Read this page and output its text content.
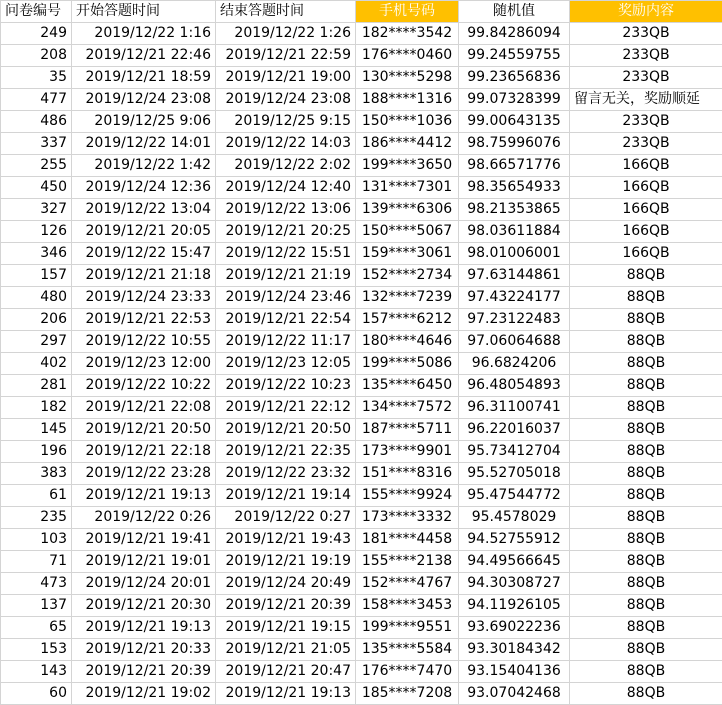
问卷编号	开始答题时间	结束答题时间	手机号码	随机值	奖励内容
249	2019/12/22 1:16	2019/12/22 1:26	182****3542	99.84286094	233QB
208	2019/12/21 22:46	2019/12/21 22:59	176****0460	99.24559755	233QB
35	2019/12/21 18:59	2019/12/21 19:00	130****5298	99.23656836	233QB
477	2019/12/24 23:08	2019/12/24 23:08	188****1316	99.07328399	留言无关，奖励顺延
486	2019/12/25 9:06	2019/12/25 9:15	150****1036	99.00643135	233QB
337	2019/12/22 14:01	2019/12/22 14:03	186****4412	98.75996076	233QB
255	2019/12/22 1:42	2019/12/22 2:02	199****3650	98.66571776	166QB
450	2019/12/24 12:36	2019/12/24 12:40	131****7301	98.35654933	166QB
327	2019/12/22 13:04	2019/12/22 13:06	139****6306	98.21353865	166QB
126	2019/12/21 20:05	2019/12/21 20:25	150****5067	98.03611884	166QB
346	2019/12/22 15:47	2019/12/22 15:51	159****3061	98.01006001	166QB
157	2019/12/21 21:18	2019/12/21 21:19	152****2734	97.63144861	88QB
480	2019/12/24 23:33	2019/12/24 23:46	132****7239	97.43224177	88QB
206	2019/12/21 22:53	2019/12/21 22:54	157****6212	97.23122483	88QB
297	2019/12/22 10:55	2019/12/22 11:17	180****4646	97.06064688	88QB
402	2019/12/23 12:00	2019/12/23 12:05	199****5086	96.6824206	88QB
281	2019/12/22 10:22	2019/12/22 10:23	135****6450	96.48054893	88QB
182	2019/12/21 22:08	2019/12/21 22:12	134****7572	96.31100741	88QB
145	2019/12/21 20:50	2019/12/21 20:50	187****5711	96.22016037	88QB
196	2019/12/21 22:18	2019/12/21 22:35	173****9901	95.73412704	88QB
383	2019/12/22 23:28	2019/12/22 23:32	151****8316	95.52705018	88QB
61	2019/12/21 19:13	2019/12/21 19:14	155****9924	95.47544772	88QB
235	2019/12/22 0:26	2019/12/22 0:27	173****3332	95.4578029	88QB
103	2019/12/21 19:41	2019/12/21 19:43	181****4458	94.52755912	88QB
71	2019/12/21 19:01	2019/12/21 19:19	155****2138	94.49566645	88QB
473	2019/12/24 20:01	2019/12/24 20:49	152****4767	94.30308727	88QB
137	2019/12/21 20:30	2019/12/21 20:39	158****3453	94.11926105	88QB
65	2019/12/21 19:13	2019/12/21 19:15	199****9551	93.69022236	88QB
153	2019/12/21 20:33	2019/12/21 21:05	135****5584	93.30184342	88QB
143	2019/12/21 20:39	2019/12/21 20:47	176****7470	93.15404136	88QB
60	2019/12/21 19:02	2019/12/21 19:13	185****7208	93.07042468	88QB
